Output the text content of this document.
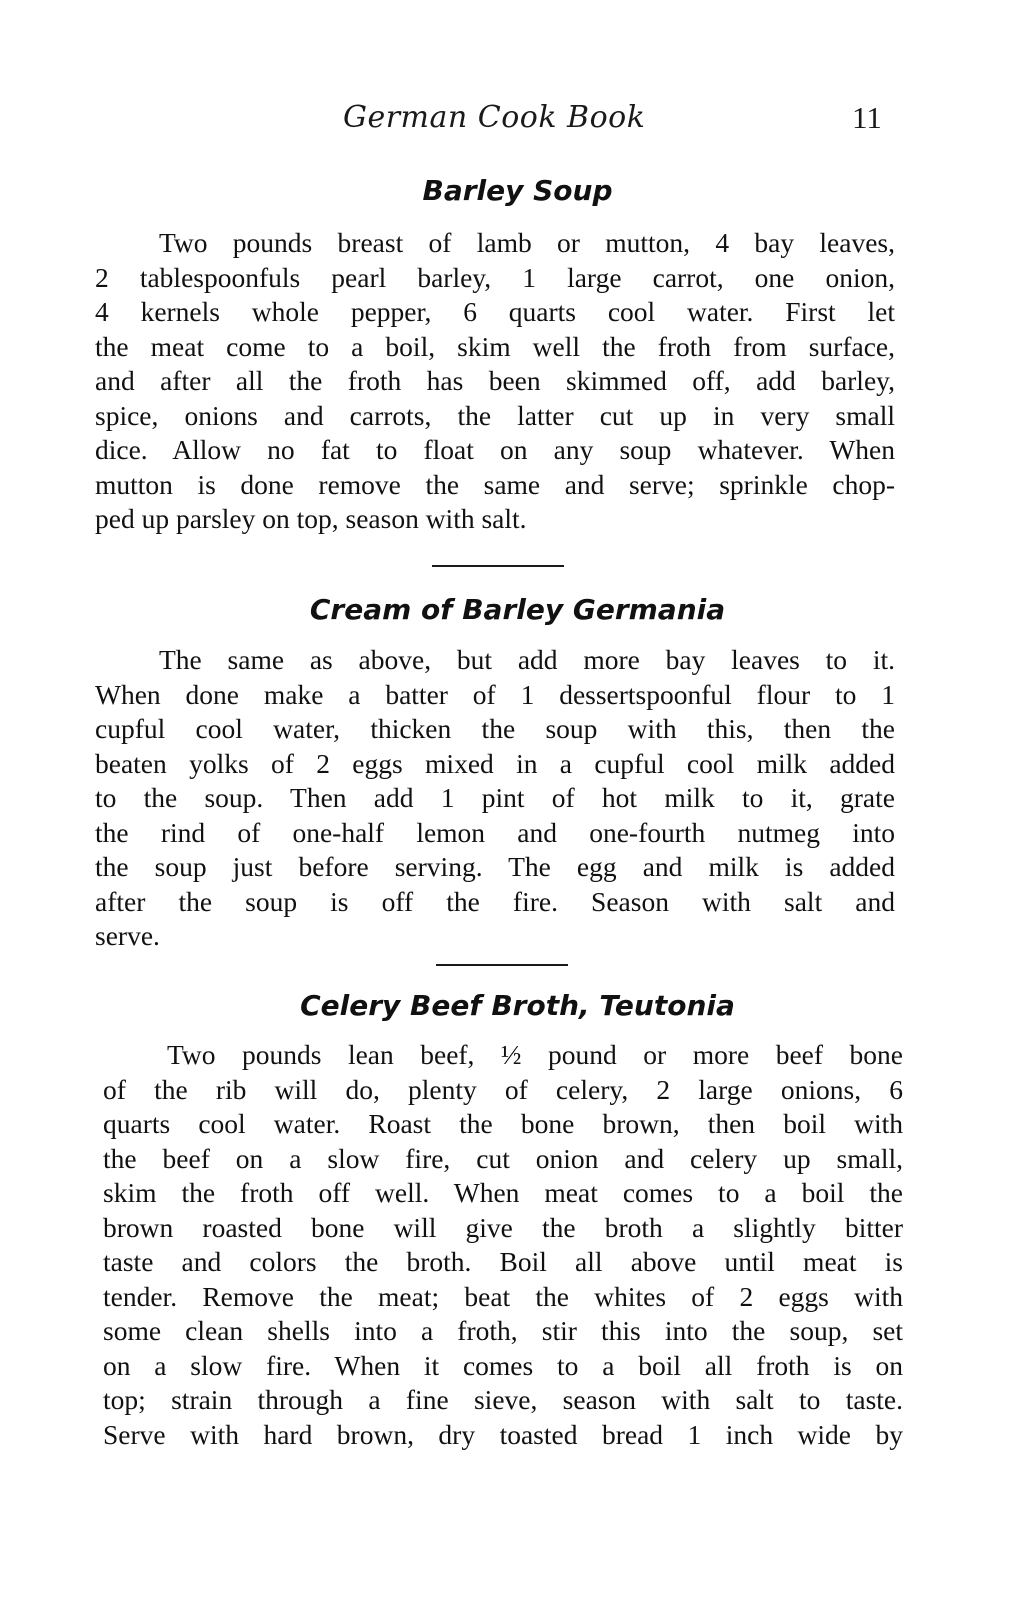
German Cook Book	11
Barley Soup
Two pounds breast of lamb or mutton, 4 bay leaves,
2 tablespoonfuls pearl barley, 1 large carrot, one onion,
4 kernels whole pepper, 6 quarts cool water. First let
the meat come to a boil, skim well the froth from surface,
and after all the froth has been skimmed off, add barley,
spice, onions and carrots, the latter cut up in very small
dice. Allow no fat to float on any soup whatever. When
mutton is done remove the same and serve; sprinkle chop-
ped up parsley on top, season with salt.
Cream of Barley Germania
The same as above, but add more bay leaves to it.
When done make a batter of 1 dessertspoonful flour to 1
cupful cool water, thicken the soup with this, then the
beaten yolks of 2 eggs mixed in a cupful cool milk added
to the soup. Then add 1 pint of hot milk to it, grate
the rind of one-half lemon and one-fourth nutmeg into
the soup just before serving. The egg and milk is added
after the soup is off the fire. Season with salt and
serve.
Celery Beef Broth, Teutonia
Two pounds lean beef, ½ pound or more beef bone
of the rib will do, plenty of celery, 2 large onions, 6
quarts cool water. Roast the bone brown, then boil with
the beef on a slow fire, cut onion and celery up small,
skim the froth off well. When meat comes to a boil the
brown roasted bone will give the broth a slightly bitter
taste and colors the broth. Boil all above until meat is
tender. Remove the meat; beat the whites of 2 eggs with
some clean shells into a froth, stir this into the soup, set
on a slow fire. When it comes to a boil all froth is on
top; strain through a fine sieve, season with salt to taste.
Serve with hard brown, dry toasted bread 1 inch wide by
